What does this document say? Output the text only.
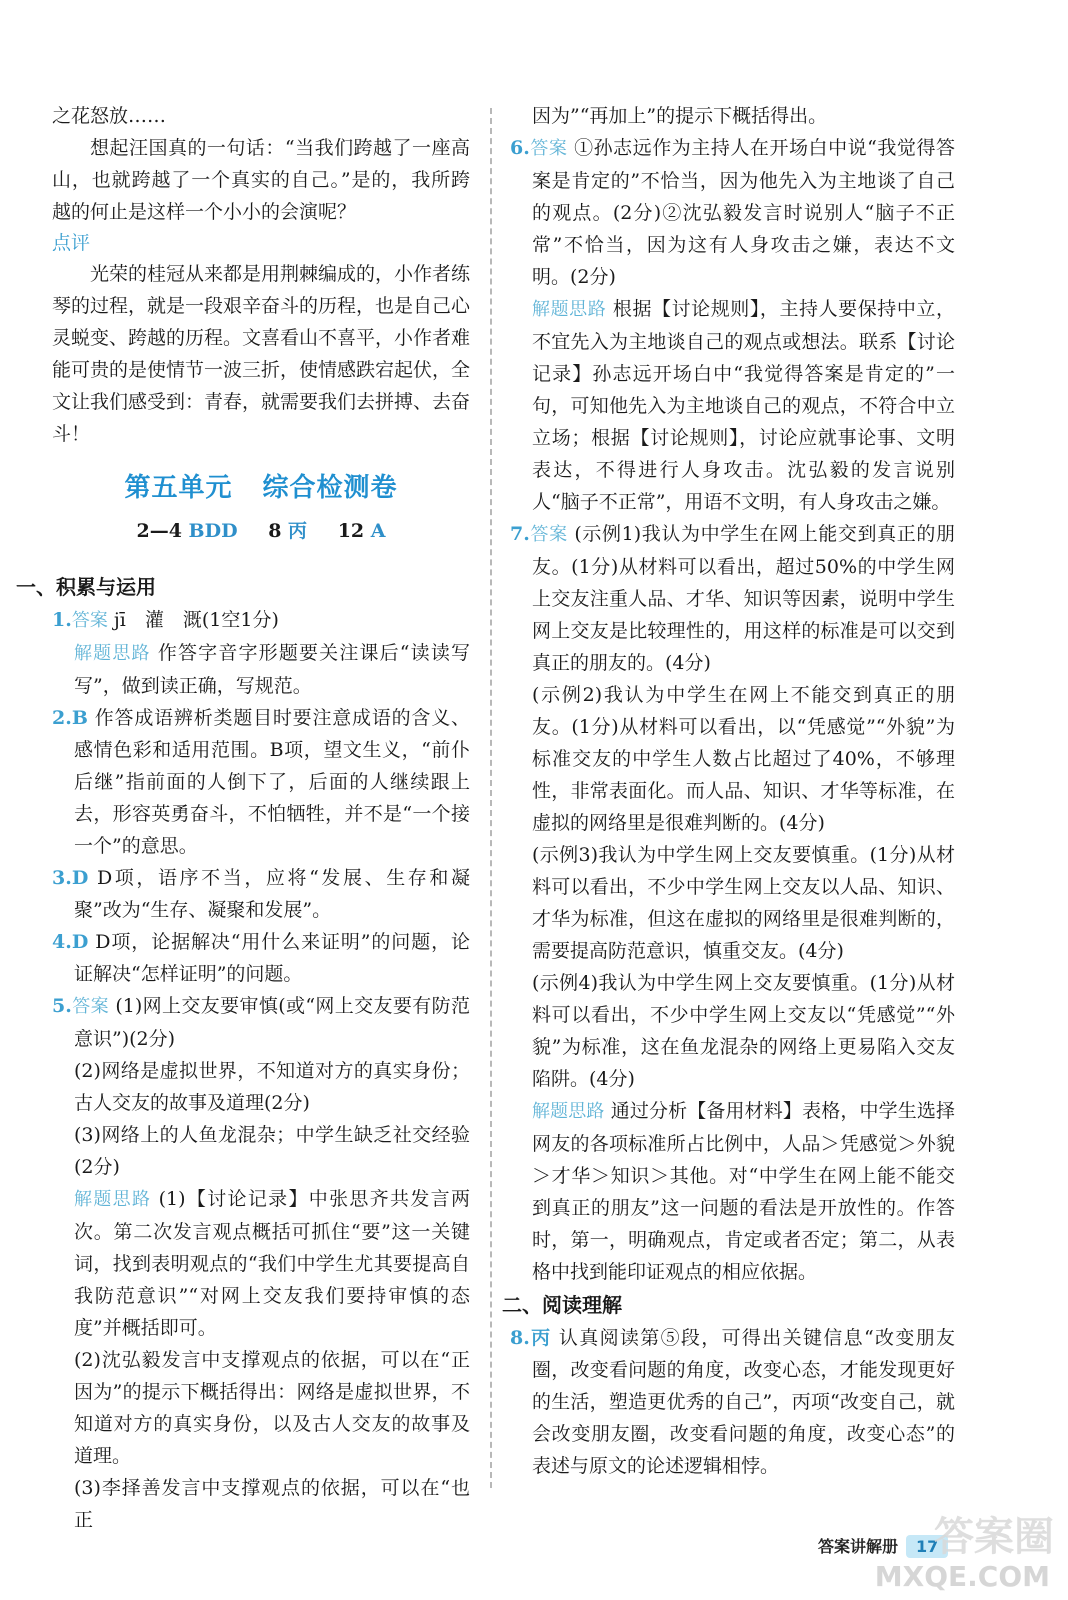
之花怒放……

想起汪国真的一句话：“当我们跨越了一座高山，也就跨越了一个真实的自己。”是的，我所跨越的何止是这样一个小小的会演呢？

点评

光荣的桂冠从来都是用荆棘编成的，小作者练琴的过程，就是一段艰辛奋斗的历程，也是自己心灵蜕变、跨越的历程。文喜看山不喜平，小作者难能可贵的是使情节一波三折，使情感跌宕起伏，全文让我们感受到：青春，就需要我们去拼搏、去奋斗！

第五单元 综合检测卷
2—4 BDD 8 丙 12 A
一、积累与运用

1.答案 jī　灌　溉(1空1分)

解题思路 作答字音字形题要关注课后“读读写写”，做到读正确，写规范。

2.B 作答成语辨析类题目时要注意成语的含义、感情色彩和适用范围。B项，望文生义，“前仆后继”指前面的人倒下了，后面的人继续跟上去，形容英勇奋斗，不怕牺牲，并不是“一个接一个”的意思。

3.D D项，语序不当，应将“发展、生存和凝聚”改为“生存、凝聚和发展”。

4.D D项，论据解决“用什么来证明”的问题，论证解决“怎样证明”的问题。

5.答案 (1)网上交友要审慎(或“网上交友要有防范意识”)(2分)

(2)网络是虚拟世界，不知道对方的真实身份；古人交友的故事及道理(2分)

(3)网络上的人鱼龙混杂；中学生缺乏社交经验(2分)

解题思路 (1)【讨论记录】中张思齐共发言两次。第二次发言观点概括可抓住“要”这一关键词，找到表明观点的“我们中学生尤其要提高自我防范意识”“对网上交友我们要持审慎的态度”并概括即可。

(2)沈弘毅发言中支撑观点的依据，可以在“正因为”的提示下概括得出：网络是虚拟世界，不知道对方的真实身份，以及古人交友的故事及道理。

(3)李择善发言中支撑观点的依据，可以在“也正

因为”“再加上”的提示下概括得出。

6.答案 ①孙志远作为主持人在开场白中说“我觉得答案是肯定的”不恰当，因为他先入为主地谈了自己的观点。(2分)②沈弘毅发言时说别人“脑子不正常”不恰当，因为这有人身攻击之嫌，表达不文明。(2分)

解题思路 根据【讨论规则】，主持人要保持中立，不宜先入为主地谈自己的观点或想法。联系【讨论记录】孙志远开场白中“我觉得答案是肯定的”一句，可知他先入为主地谈自己的观点，不符合中立立场；根据【讨论规则】，讨论应就事论事、文明表达，不得进行人身攻击。沈弘毅的发言说别人“脑子不正常”，用语不文明，有人身攻击之嫌。

7.答案 (示例1)我认为中学生在网上能交到真正的朋友。(1分)从材料可以看出，超过50%的中学生网上交友注重人品、才华、知识等因素，说明中学生网上交友是比较理性的，用这样的标准是可以交到真正的朋友的。(4分)

(示例2)我认为中学生在网上不能交到真正的朋友。(1分)从材料可以看出，以“凭感觉”“外貌”为标准交友的中学生人数占比超过了40%，不够理性，非常表面化。而人品、知识、才华等标准，在虚拟的网络里是很难判断的。(4分)

(示例3)我认为中学生网上交友要慎重。(1分)从材料可以看出，不少中学生网上交友以人品、知识、才华为标准，但这在虚拟的网络里是很难判断的，需要提高防范意识，慎重交友。(4分)

(示例4)我认为中学生网上交友要慎重。(1分)从材料可以看出，不少中学生网上交友以“凭感觉”“外貌”为标准，这在鱼龙混杂的网络上更易陷入交友陷阱。(4分)

解题思路 通过分析【备用材料】表格，中学生选择网友的各项标准所占比例中，人品＞凭感觉＞外貌＞才华＞知识＞其他。对“中学生在网上能不能交到真正的朋友”这一问题的看法是开放性的。作答时，第一，明确观点，肯定或者否定；第二，从表格中找到能印证观点的相应依据。

二、阅读理解

8.丙 认真阅读第⑤段，可得出关键信息“改变朋友圈，改变看问题的角度，改变心态，才能发现更好的生活，塑造更优秀的自己”，丙项“改变自己，就会改变朋友圈，改变看问题的角度，改变心态”的表述与原文的论述逻辑相悖。

答案讲解册 17
答案圈
MXQE.COM
